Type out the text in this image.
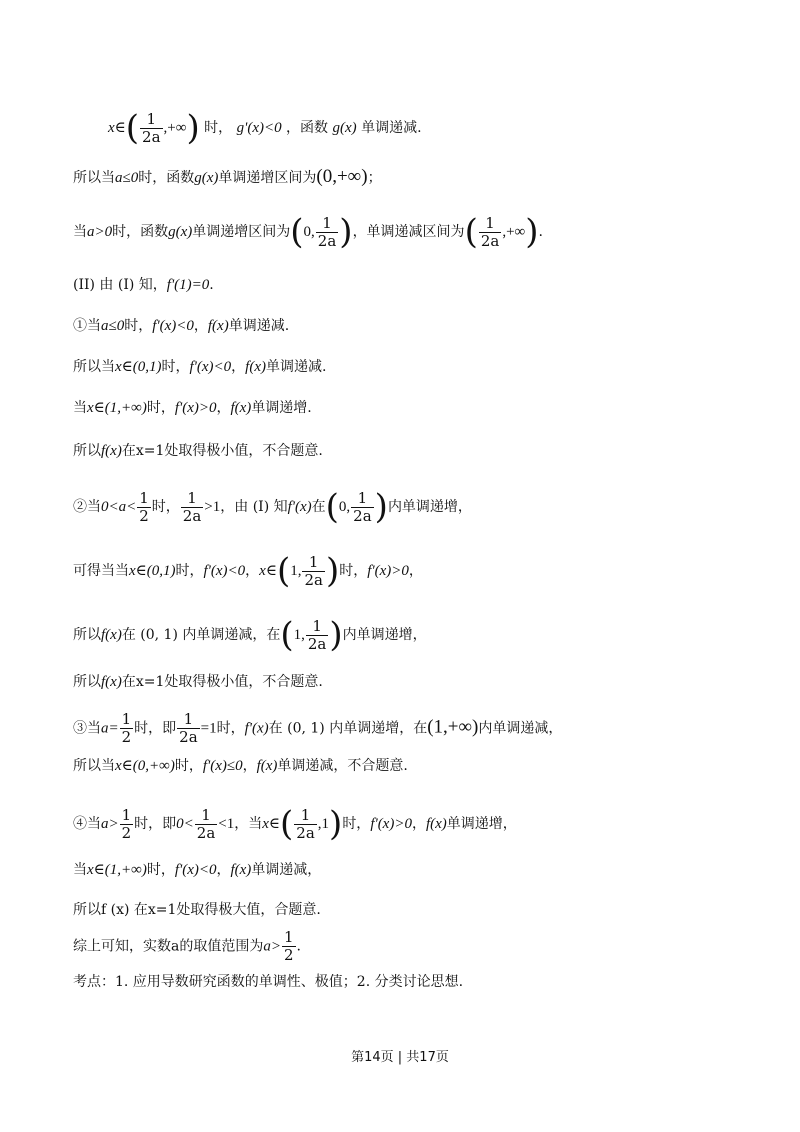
x∈( $\frac{1}{2a}$ ,+∞) 时， g'(x)<0 ，函数 g(x) 单调递减.
所以当a≤0时，函数g(x)单调递增区间为(0,+∞)；
当a>0时，函数g(x)单调递增区间为(0, $\frac{1}{2a}$ )，单调递减区间为( $\frac{1}{2a}$ ,+∞).
(II) 由 (I) 知，f'(1)=0.
①当a≤0时，f'(x)<0，f(x)单调递减.
所以当x∈(0,1)时，f'(x)<0，f(x)单调递减.
当x∈(1,+∞)时，f'(x)>0，f(x)单调递增.
所以f(x)在x=1处取得极小值，不合题意.
②当$0<a< \frac{1}{2}$ 时， $\frac{1}{2a} >1$，由 (I) 知f'(x)在(0, $\frac{1}{2a}$ )内单调递增，
可得当当x∈(0,1)时，f'(x)<0，x∈(1, $\frac{1}{2a}$ )时，f'(x)>0，
所以f(x)在 (0, 1) 内单调递减，在(1, $\frac{1}{2a}$ )内单调递增，
所以f(x)在x=1处取得极小值，不合题意.
③当$a= \frac{1}{2}$ 时，即 $\frac{1}{2a} =1$时，f'(x)在 (0, 1) 内单调递增，在(1,+∞)内单调递减，
所以当x∈(0,+∞)时，f'(x)≤0，f(x)单调递减，不合题意.
④当$a> \frac{1}{2}$ 时，即$0< \frac{1}{2a} <1$，当x∈( $\frac{1}{2a} ,1$)时，f'(x)>0，f(x)单调递增，
当x∈(1,+∞)时，f'(x)<0，f(x)单调递减，
所以f (x) 在x=1处取得极大值，合题意.
综上可知，实数a的取值范围为$a> \frac{1}{2}$ .
考点：1. 应用导数研究函数的单调性、极值；2. 分类讨论思想.
第14页 | 共17页
